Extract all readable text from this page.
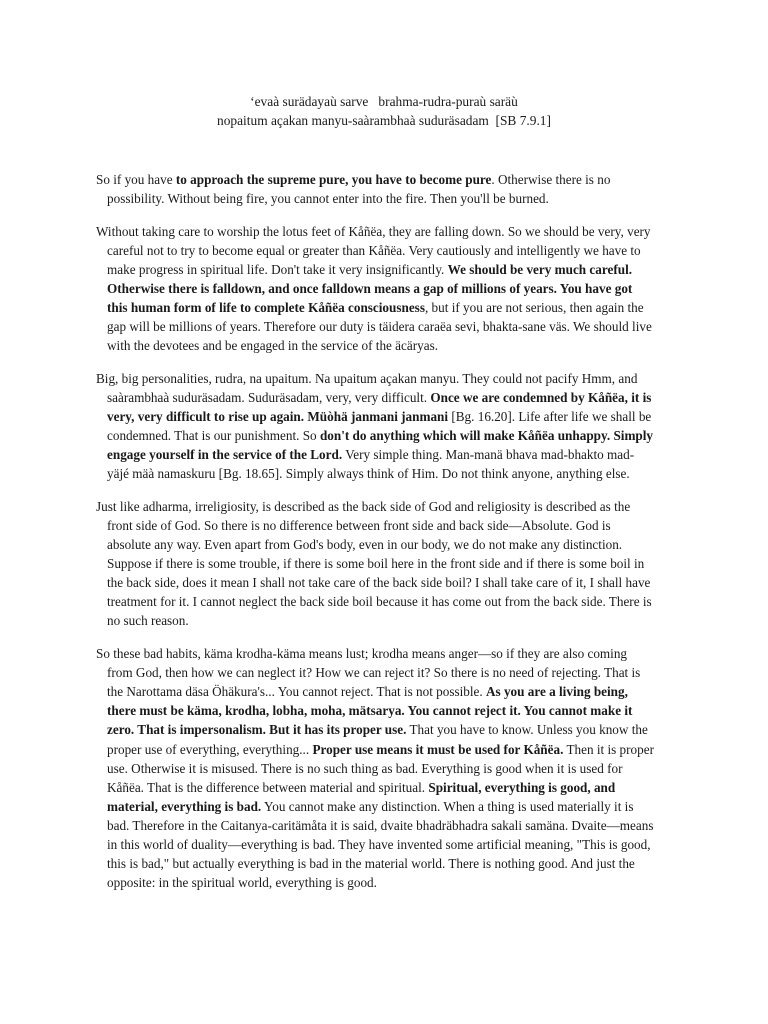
‘evaà surädayaù sarve   brahma-rudra-puraù saräù
nopaitum açakan manyu-saàrambhaà suduräsadam  [SB 7.9.1]

So if you have to approach the supreme pure, you have to become pure. Otherwise there is no possibility. Without being fire, you cannot enter into the fire. Then you'll be burned.

Without taking care to worship the lotus feet of Kåñëa, they are falling down. So we should be very, very careful not to try to become equal or greater than Kåñëa. Very cautiously and intelligently we have to make progress in spiritual life. Don't take it very insignificantly. We should be very much careful. Otherwise there is falldown, and once falldown means a gap of millions of years. You have got this human form of life to complete Kåñëa consciousness, but if you are not serious, then again the gap will be millions of years. Therefore our duty is täidera caraëa sevi, bhakta-sane väs. We should live with the devotees and be engaged in the service of the äcäryas.

Big, big personalities, rudra, na upaitum. Na upaitum açakan manyu. They could not pacify Hmm, and saàrambhaà suduräsadam. Suduräsadam, very, very difficult. Once we are condemned by Kåñëa, it is very, very difficult to rise up again. Müòhä janmani janmani [Bg. 16.20]. Life after life we shall be condemned. That is our punishment. So don't do anything which will make Kåñëa unhappy. Simply engage yourself in the service of the Lord. Very simple thing. Man-manä bhava mad-bhakto mad-yäjé mäà namaskuru [Bg. 18.65]. Simply always think of Him. Do not think anyone, anything else.

Just like adharma, irreligiosity, is described as the back side of God and religiosity is described as the front side of God. So there is no difference between front side and back side—Absolute. God is absolute any way. Even apart from God's body, even in our body, we do not make any distinction. Suppose if there is some trouble, if there is some boil here in the front side and if there is some boil in the back side, does it mean I shall not take care of the back side boil? I shall take care of it, I shall have treatment for it. I cannot neglect the back side boil because it has come out from the back side. There is no such reason.

So these bad habits, käma krodha-käma means lust; krodha means anger—so if they are also coming from God, then how we can neglect it? How we can reject it? So there is no need of rejecting. That is the Narottama däsa Öhäkura's... You cannot reject. That is not possible. As you are a living being, there must be käma, krodha, lobha, moha, mätsarya. You cannot reject it. You cannot make it zero. That is impersonalism. But it has its proper use. That you have to know. Unless you know the proper use of everything, everything... Proper use means it must be used for Kåñëa. Then it is proper use. Otherwise it is misused. There is no such thing as bad. Everything is good when it is used for Kåñëa. That is the difference between material and spiritual. Spiritual, everything is good, and material, everything is bad. You cannot make any distinction. When a thing is used materially it is bad. Therefore in the Caitanya-caritämåta it is said, dvaite bhadräbhadra sakali samäna. Dvaite—means in this world of duality—everything is bad. They have invented some artificial meaning, "This is good, this is bad," but actually everything is bad in the material world. There is nothing good. And just the opposite: in the spiritual world, everything is good.
